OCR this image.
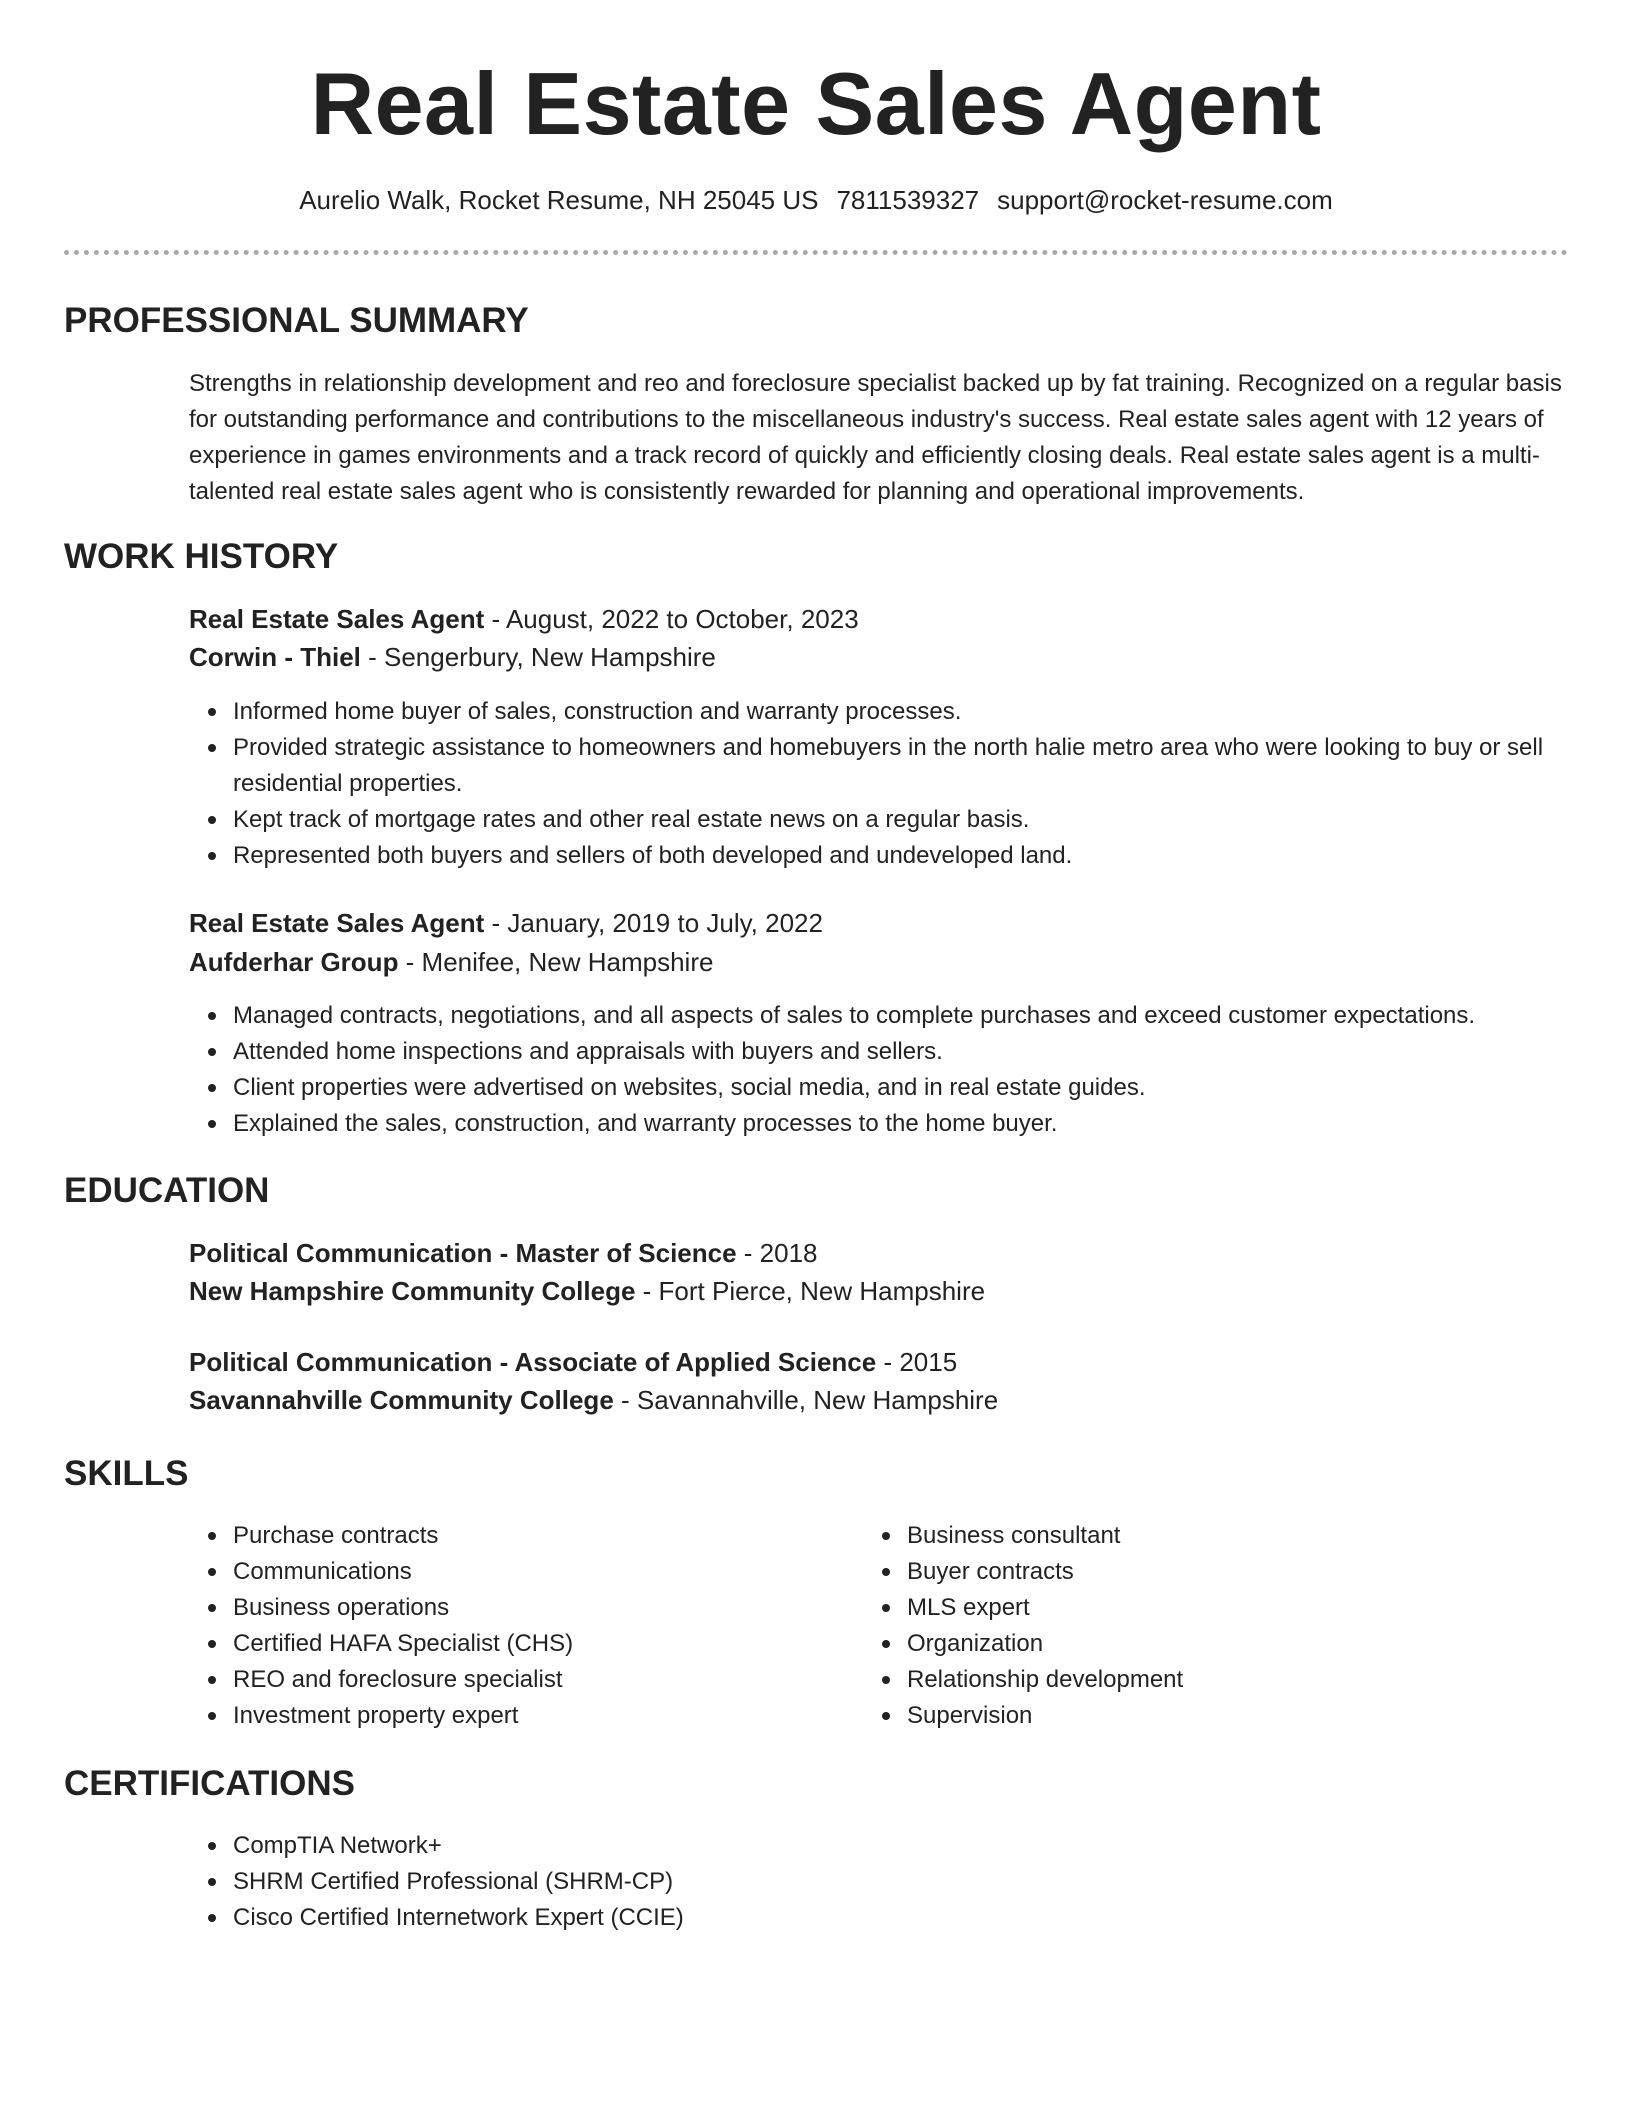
Real Estate Sales Agent
Aurelio Walk, Rocket Resume, NH 25045 US 7811539327 support@rocket-resume.com
PROFESSIONAL SUMMARY
Strengths in relationship development and reo and foreclosure specialist backed up by fat training. Recognized on a regular basis for outstanding performance and contributions to the miscellaneous industry's success. Real estate sales agent with 12 years of experience in games environments and a track record of quickly and efficiently closing deals. Real estate sales agent is a multi-talented real estate sales agent who is consistently rewarded for planning and operational improvements.
WORK HISTORY
Real Estate Sales Agent - August, 2022 to October, 2023
Corwin - Thiel - Sengerbury, New Hampshire
Informed home buyer of sales, construction and warranty processes.
Provided strategic assistance to homeowners and homebuyers in the north halie metro area who were looking to buy or sell residential properties.
Kept track of mortgage rates and other real estate news on a regular basis.
Represented both buyers and sellers of both developed and undeveloped land.
Real Estate Sales Agent - January, 2019 to July, 2022
Aufderhar Group - Menifee, New Hampshire
Managed contracts, negotiations, and all aspects of sales to complete purchases and exceed customer expectations.
Attended home inspections and appraisals with buyers and sellers.
Client properties were advertised on websites, social media, and in real estate guides.
Explained the sales, construction, and warranty processes to the home buyer.
EDUCATION
Political Communication - Master of Science - 2018
New Hampshire Community College - Fort Pierce, New Hampshire
Political Communication - Associate of Applied Science - 2015
Savannahville Community College - Savannahville, New Hampshire
SKILLS
Purchase contracts
Communications
Business operations
Certified HAFA Specialist (CHS)
REO and foreclosure specialist
Investment property expert
Business consultant
Buyer contracts
MLS expert
Organization
Relationship development
Supervision
CERTIFICATIONS
CompTIA Network+
SHRM Certified Professional (SHRM-CP)
Cisco Certified Internetwork Expert (CCIE)
